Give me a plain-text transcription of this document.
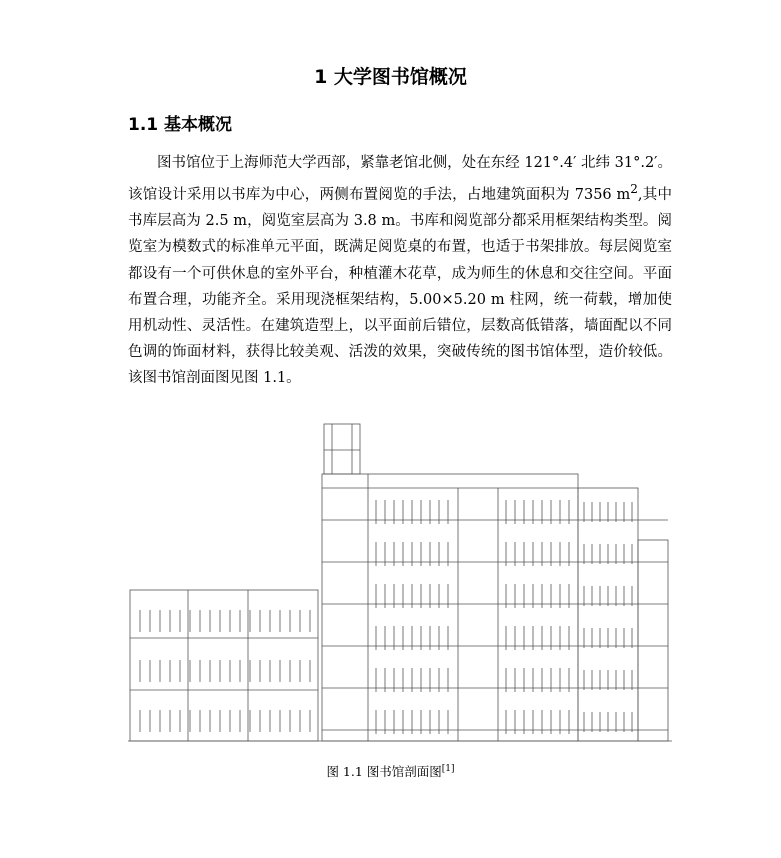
1 大学图书馆概况
1.1 基本概况

图书馆位于上海师范大学西部，紧靠老馆北侧，处在东经 121°.4′ 北纬 31°.2′。该馆设计采用以书库为中心，两侧布置阅览的手法，占地建筑面积为 7356 $m^2$,其中书库层高为 2.5 m，阅览室层高为 3.8 m。书库和阅览部分都采用框架结构类型。阅览室为模数式的标准单元平面，既满足阅览桌的布置，也适于书架排放。每层阅览室都设有一个可供休息的室外平台，种植灌木花草，成为师生的休息和交往空间。平面布置合理，功能齐全。采用现浇框架结构，5.00×5.20 m 柱网，统一荷载，增加使用机动性、灵活性。在建筑造型上，以平面前后错位，层数高低错落，墙面配以不同色调的饰面材料，获得比较美观、活泼的效果，突破传统的图书馆体型，造价较低。该图书馆剖面图见图 1.1。

图 1.1 图书馆剖面图[1]
